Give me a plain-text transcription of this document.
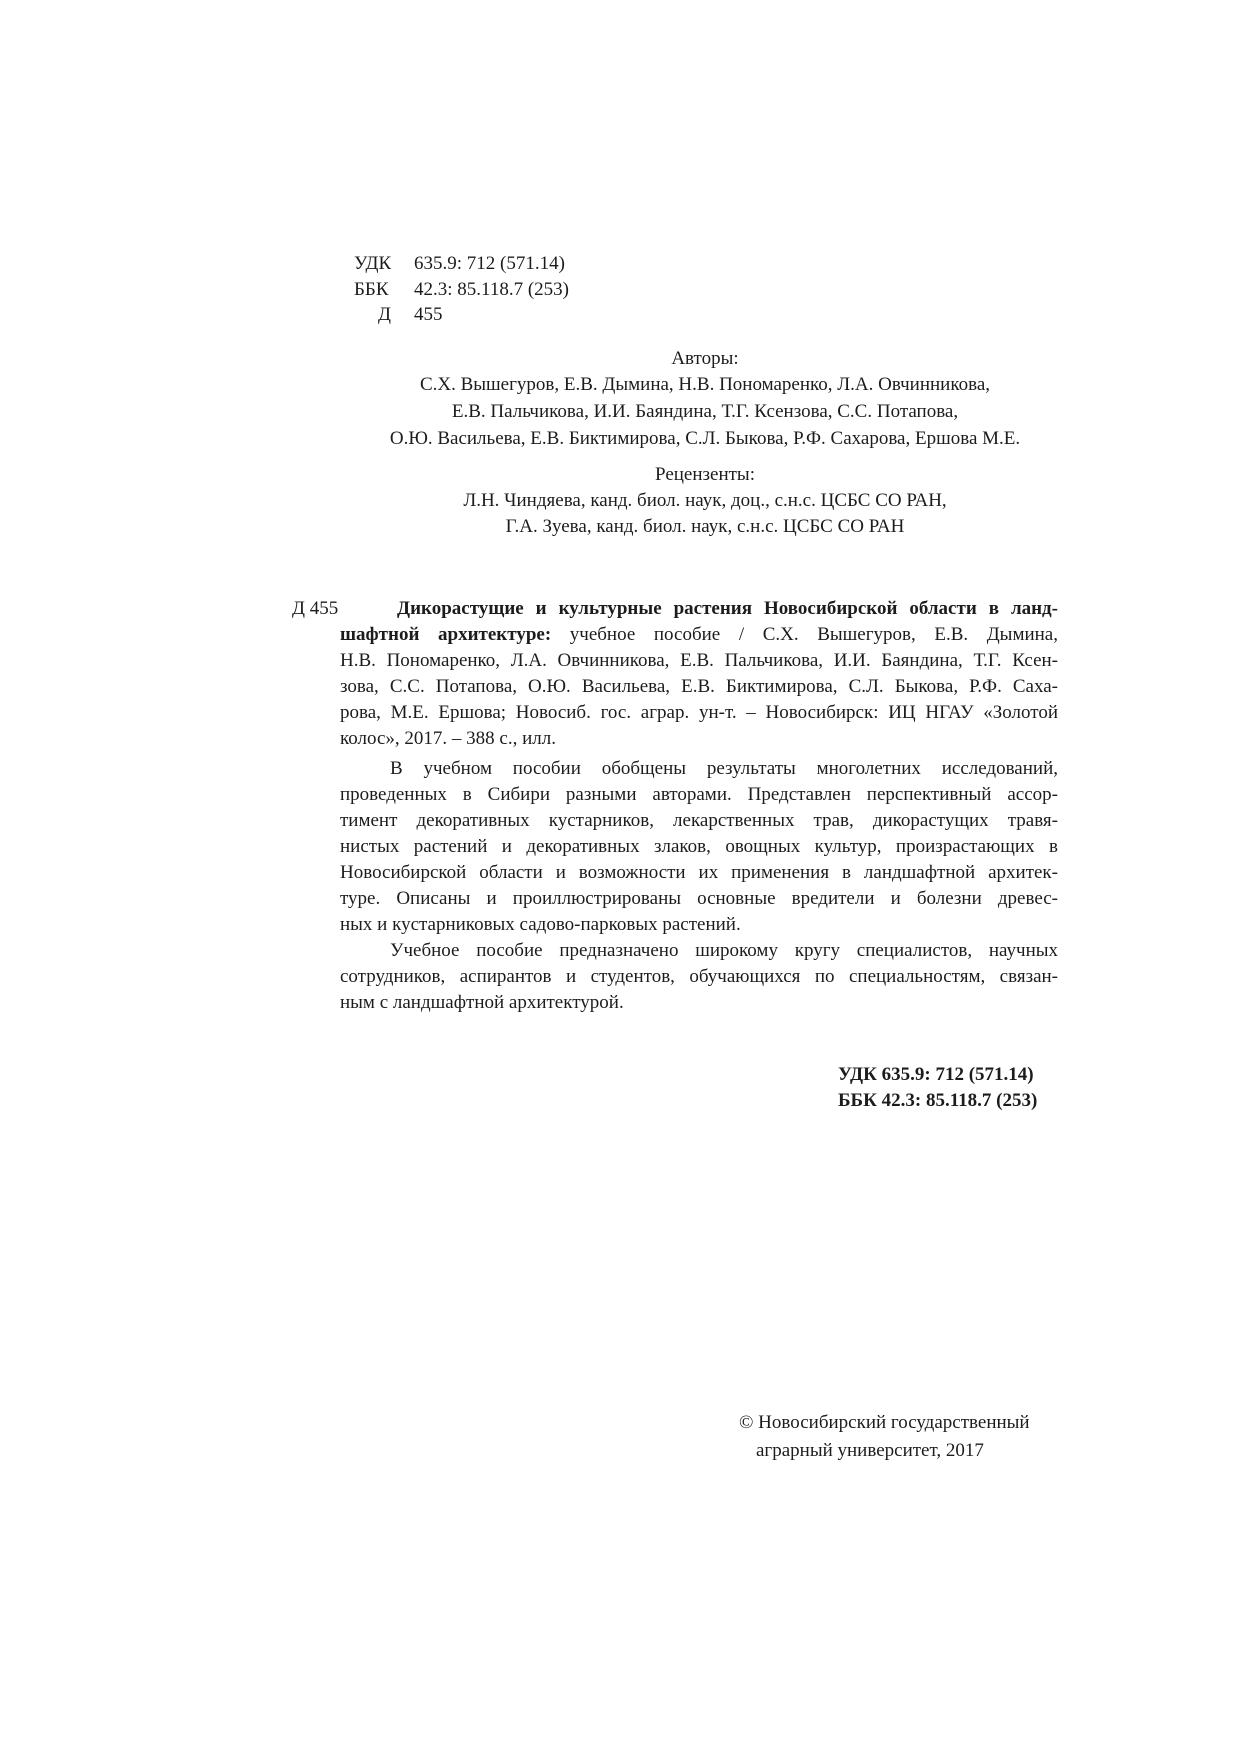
УДК 635.9: 712 (571.14)
ББК 42.3: 85.118.7 (253)
Д 455
Авторы:
С.Х. Вышегуров, Е.В. Дымина, Н.В. Пономаренко, Л.А. Овчинникова,
Е.В. Пальчикова, И.И. Баяндина, Т.Г. Ксензова, С.С. Потапова,
О.Ю. Васильева, Е.В. Биктимирова, С.Л. Быкова, Р.Ф. Сахарова, Ершова М.Е.
Рецензенты:
Л.Н. Чиндяева, канд. биол. наук, доц., с.н.с. ЦСБС СО РАН,
Г.А. Зуева, канд. биол. наук, с.н.с. ЦСБС СО РАН
Д 455	Дикорастущие и культурные растения Новосибирской области в ланд-
шафтной архитектуре: учебное пособие / С.Х. Вышегуров, Е.В. Дымина,
Н.В. Пономаренко, Л.А. Овчинникова, Е.В. Пальчикова, И.И. Баяндина, Т.Г. Ксен-
зова, С.С. Потапова, О.Ю. Васильева, Е.В. Биктимирова, С.Л. Быкова, Р.Ф. Саха-
рова, М.Е. Ершова; Новосиб. гос. аграр. ун-т. – Новосибирск: ИЦ НГАУ «Золотой
колос», 2017. – 388 с., илл.
В учебном пособии обобщены результаты многолетних исследований,
проведенных в Сибири разными авторами. Представлен перспективный ассор-
тимент декоративных кустарников, лекарственных трав, дикорастущих травя-
нистых растений и декоративных злаков, овощных культур, произрастающих в
Новосибирской области и возможности их применения в ландшафтной архитек-
туре. Описаны и проиллюстрированы основные вредители и болезни древес-
ных и кустарниковых садово-парковых растений.
Учебное пособие предназначено широкому кругу специалистов, научных
сотрудников, аспирантов и студентов, обучающихся по специальностям, связан-
ным с ландшафтной архитектурой.
УДК 635.9: 712 (571.14)
ББК 42.3: 85.118.7 (253)
© Новосибирский государственный
аграрный университет, 2017
